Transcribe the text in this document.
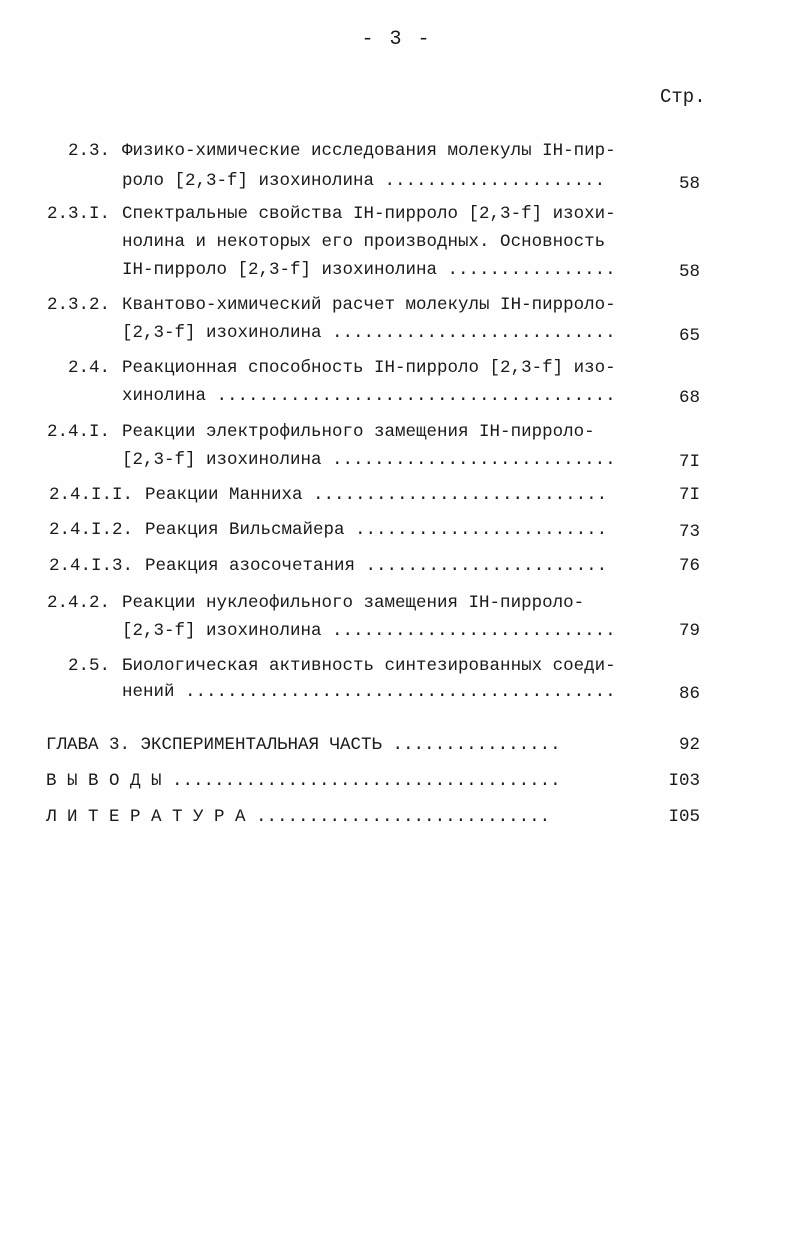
- 3 -
Стр.
2.3. Физико-химические исследования молекулы IH-пир-
роло [2,3-f] изохинолина .....................	58
2.3.I. Спектральные свойства IH-пирроло [2,3-f] изохи-
нолина и некоторых его производных. Основность
IH-пирроло [2,3-f] изохинолина ................	58
2.3.2. Квантово-химический расчет молекулы IH-пирроло-
[2,3-f] изохинолина ...........................	65
2.4. Реакционная способность IH-пирроло [2,3-f] изо-
хинолина ......................................	68
2.4.I. Реакции электрофильного замещения IH-пирроло-
[2,3-f] изохинолина ...........................	7I
2.4.I.I. Реакции Манниха ............................	7I
2.4.I.2. Реакция Вильсмайера ........................	73
2.4.I.3. Реакция азосочетания .......................	76
2.4.2. Реакции нуклеофильного замещения IH-пирроло-
[2,3-f] изохинолина ...........................	79
2.5. Биологическая активность синтезированных соеди-
нений .........................................	86
ГЛАВА 3. ЭКСПЕРИМЕНТАЛЬНАЯ ЧАСТЬ ................	92
В Ы В О Д Ы .....................................	I03
Л И Т Е Р А Т У Р А ............................	I05
